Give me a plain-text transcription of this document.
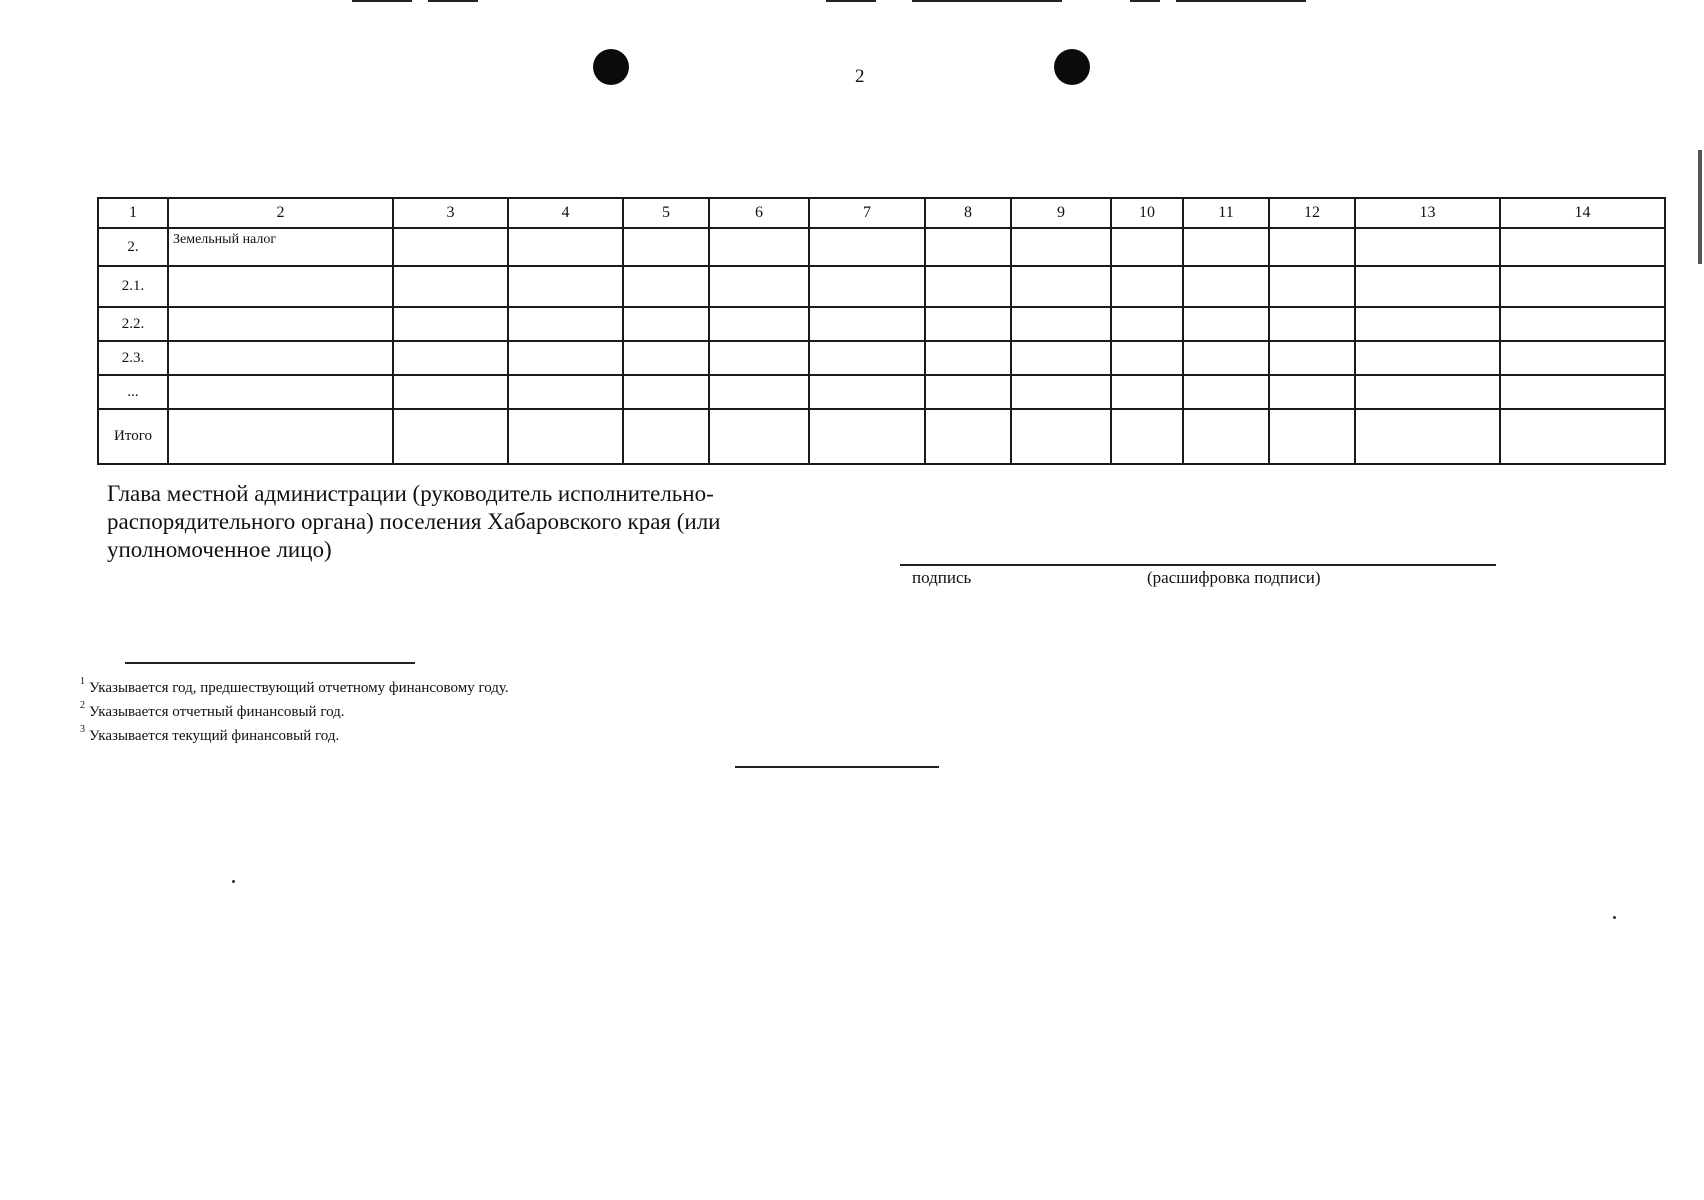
2
1	2	3	4	5	6	7	8	9	10	11	12	13	14
2.	Земельный налог												
2.1.													
2.2.													
2.3.													
...													
Итого													
Глава местной администрации (руководитель исполнительно-
распорядительного органа) поселения Хабаровского края (или
уполномоченное лицо)
подпись	(расшифровка подписи)
$^1$ Указывается год, предшествующий отчетному финансовому году.
$^2$ Указывается отчетный финансовый год.
$^3$ Указывается текущий финансовый год.
